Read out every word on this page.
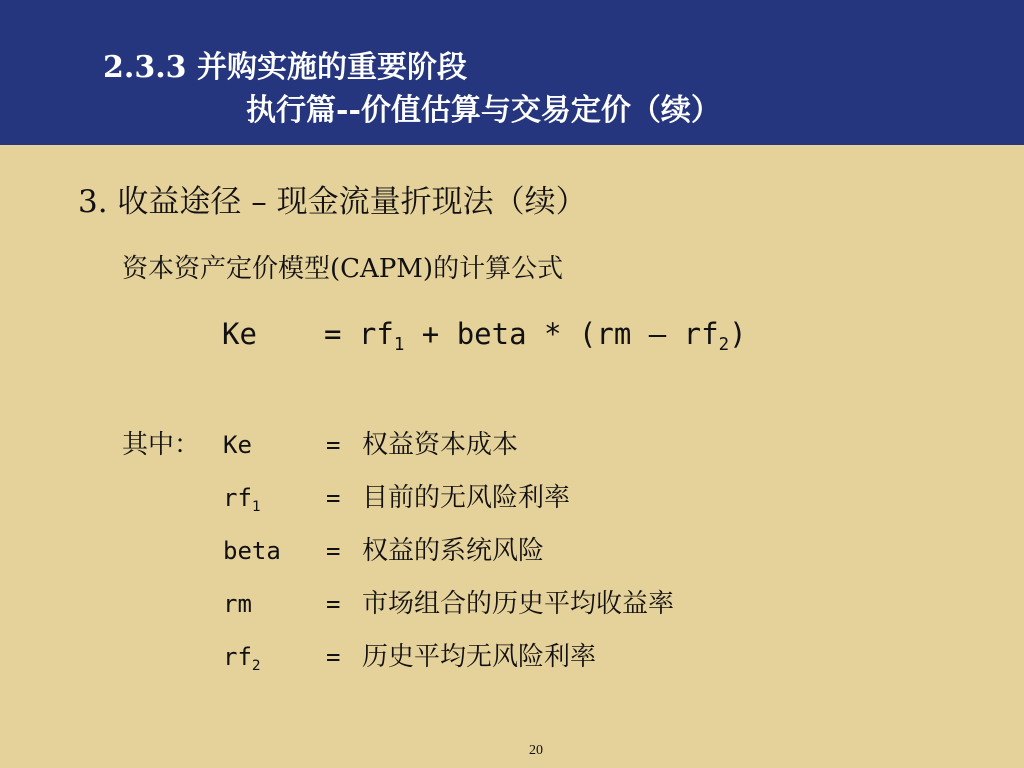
2.3.3 并购实施的重要阶段
执行篇--价值估算与交易定价（续）
3. 收益途径 – 现金流量折现法（续）
资本资产定价模型(CAPM)的计算公式
$Ke = rf_1$ + beta * $(rm - rf_2)$
其中： Ke	= 权益资本成本
$rf_1$	= 目前的无风险利率
beta = 权益的系统风险
rm	= 市场组合的历史平均收益率
$rf_2$	= 历史平均无风险利率
20
